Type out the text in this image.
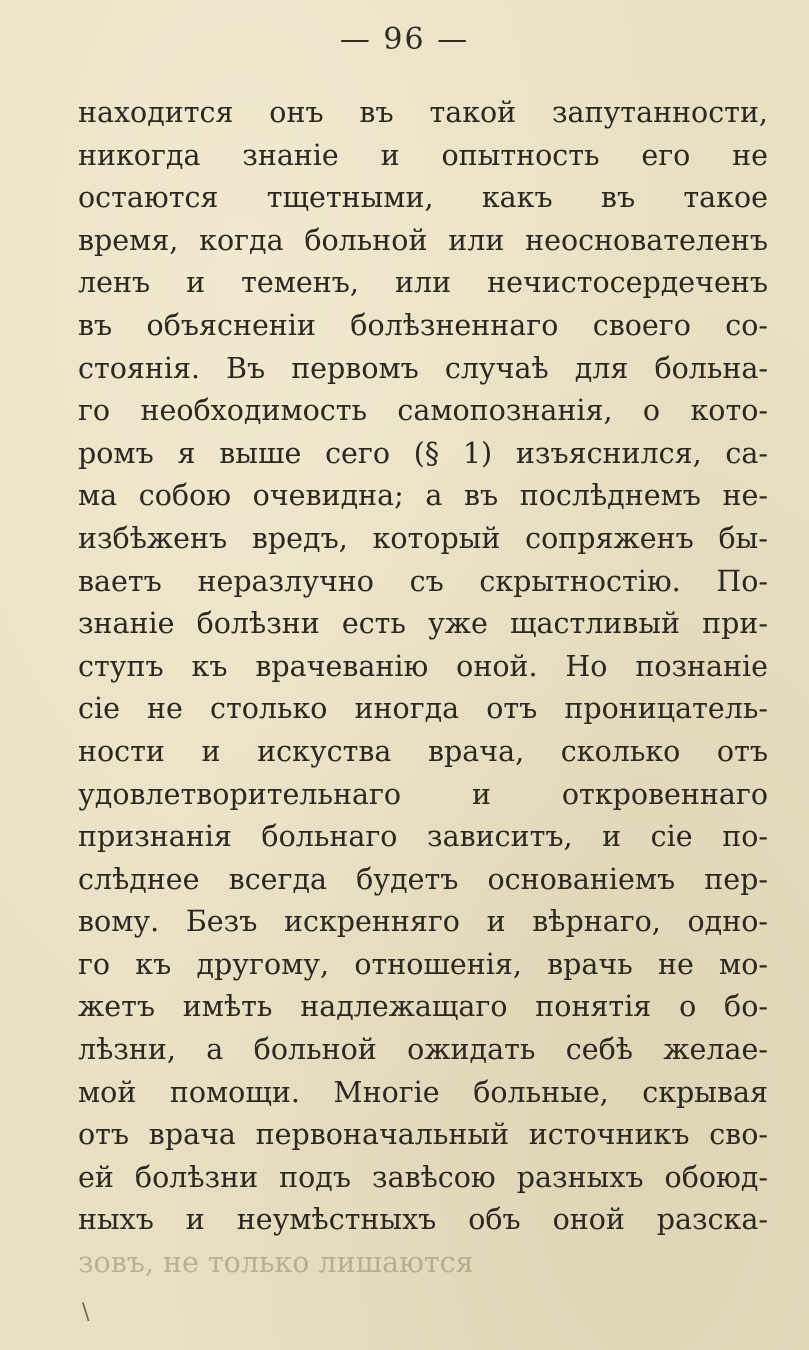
— 96 —
находится онъ въ такой запутанности,
никогда знаніе и опытность его не
остаются тщетными, какъ въ такое
время, когда больной или неоснователенъ
ленъ и теменъ, или нечистосердеченъ
въ объясненіи болѣзненнаго своего со-
стоянія. Въ первомъ случаѣ для больна-
го необходимость самопознанія, о кото-
ромъ я выше сего (§ 1) изъяснился, са-
ма собою очевидна; а въ послѣднемъ не-
избѣженъ вредъ, который сопряженъ бы-
ваетъ неразлучно съ скрытностію. По-
знаніе болѣзни есть уже щастливый при-
ступъ къ врачеванію оной. Но познаніе
сіе не столько иногда отъ проницатель-
ности и искуства врача, сколько отъ
удовлетворительнаго и откровеннаго
признанія больнаго зависитъ, и сіе по-
слѣднее всегда будетъ основаніемъ пер-
вому. Безъ искренняго и вѣрнаго, одно-
го къ другому, отношенія, врачь не мо-
жетъ имѣть надлежащаго понятія о бо-
лѣзни, а больной ожидать себѣ желае-
мой помощи. Многіе больные, скрывая
отъ врача первоначальный источникъ сво-
ей болѣзни подъ завѣсою разныхъ обоюд-
ныхъ и неумѣстныхъ объ оной разска-
зовъ, не только лишаются
\
